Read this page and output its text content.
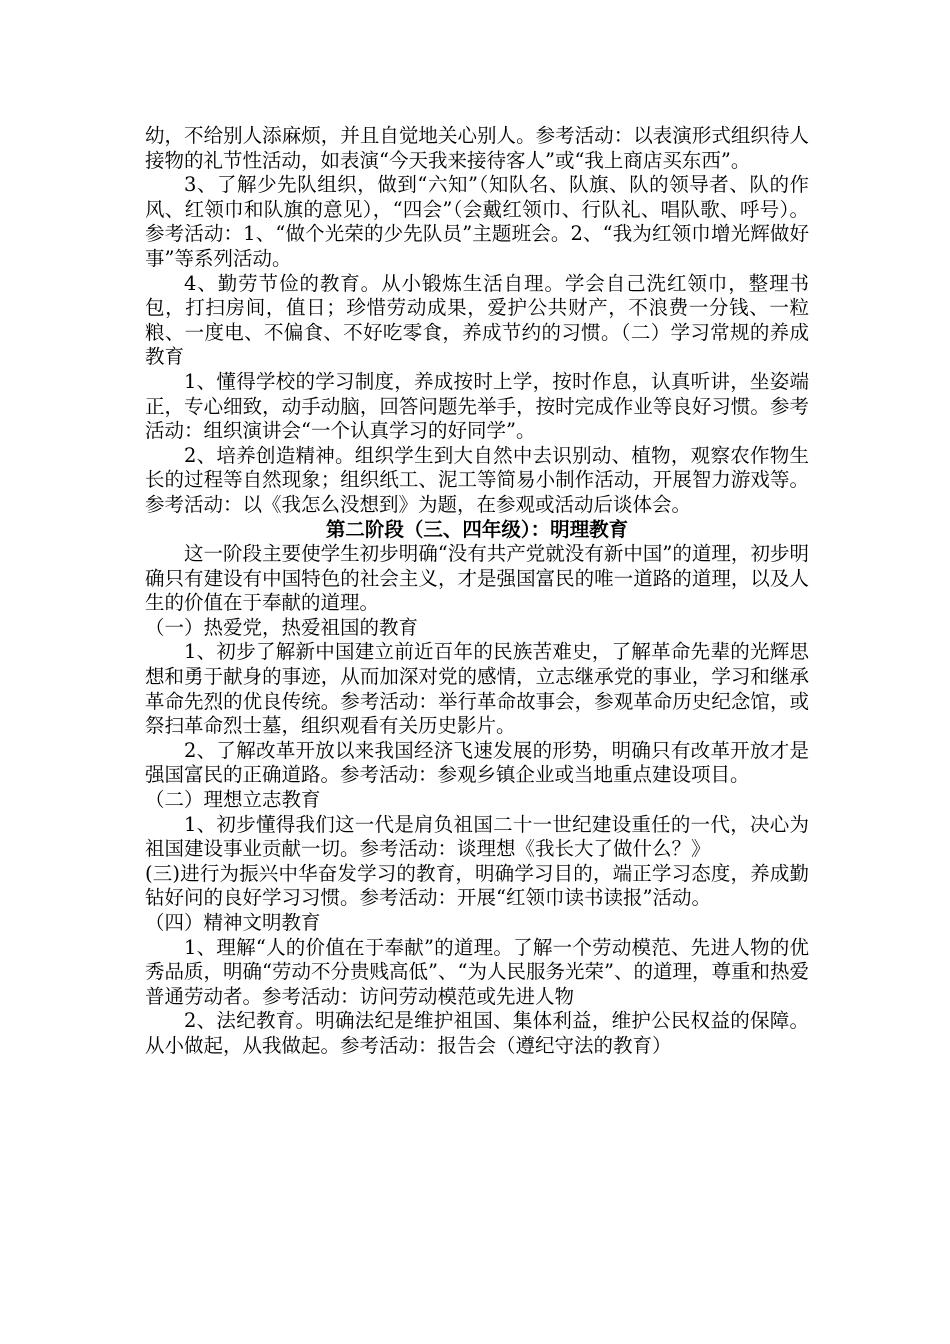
幼，不给别人添麻烦，并且自觉地关心别人。参考活动：以表演形式组织待人接物的礼节性活动，如表演“今天我来接待客人”或“我上商店买东西”。

3、了解少先队组织，做到“六知”（知队名、队旗、队的领导者、队的作风、红领巾和队旗的意见），“四会”（会戴红领巾、行队礼、唱队歌、呼号）。参考活动：1、“做个光荣的少先队员”主题班会。2、“我为红领巾增光辉做好事”等系列活动。

4、勤劳节俭的教育。从小锻炼生活自理。学会自己洗红领巾，整理书包，打扫房间，值日；珍惜劳动成果，爱护公共财产，不浪费一分钱、一粒粮、一度电、不偏食、不好吃零食，养成节约的习惯。（二）学习常规的养成教育

1、懂得学校的学习制度，养成按时上学，按时作息，认真听讲，坐姿端正，专心细致，动手动脑，回答问题先举手，按时完成作业等良好习惯。参考活动：组织演讲会“一个认真学习的好同学”。

2、培养创造精神。组织学生到大自然中去识别动、植物，观察农作物生长的过程等自然现象；组织纸工、泥工等简易小制作活动，开展智力游戏等。参考活动：以《我怎么没想到》为题，在参观或活动后谈体会。

第二阶段（三、四年级）：明理教育

这一阶段主要使学生初步明确“没有共产党就没有新中国”的道理，初步明确只有建设有中国特色的社会主义，才是强国富民的唯一道路的道理，以及人生的价值在于奉献的道理。

（一）热爱党，热爱祖国的教育

1、初步了解新中国建立前近百年的民族苦难史，了解革命先辈的光辉思想和勇于献身的事迹，从而加深对党的感情，立志继承党的事业，学习和继承革命先烈的优良传统。参考活动：举行革命故事会，参观革命历史纪念馆，或祭扫革命烈士墓，组织观看有关历史影片。

2、了解改革开放以来我国经济飞速发展的形势，明确只有改革开放才是强国富民的正确道路。参考活动：参观乡镇企业或当地重点建设项目。

（二）理想立志教育

1、初步懂得我们这一代是肩负祖国二十一世纪建设重任的一代，决心为祖国建设事业贡献一切。参考活动：谈理想《我长大了做什么？》

(三)进行为振兴中华奋发学习的教育，明确学习目的，端正学习态度，养成勤钻好问的良好学习习惯。参考活动：开展“红领巾读书读报”活动。

（四）精神文明教育

1、理解“人的价值在于奉献”的道理。了解一个劳动模范、先进人物的优秀品质，明确“劳动不分贵贱高低”、“为人民服务光荣”、的道理，尊重和热爱普通劳动者。参考活动：访问劳动模范或先进人物

2、法纪教育。明确法纪是维护祖国、集体利益，维护公民权益的保障。从小做起，从我做起。参考活动：报告会（遵纪守法的教育）
